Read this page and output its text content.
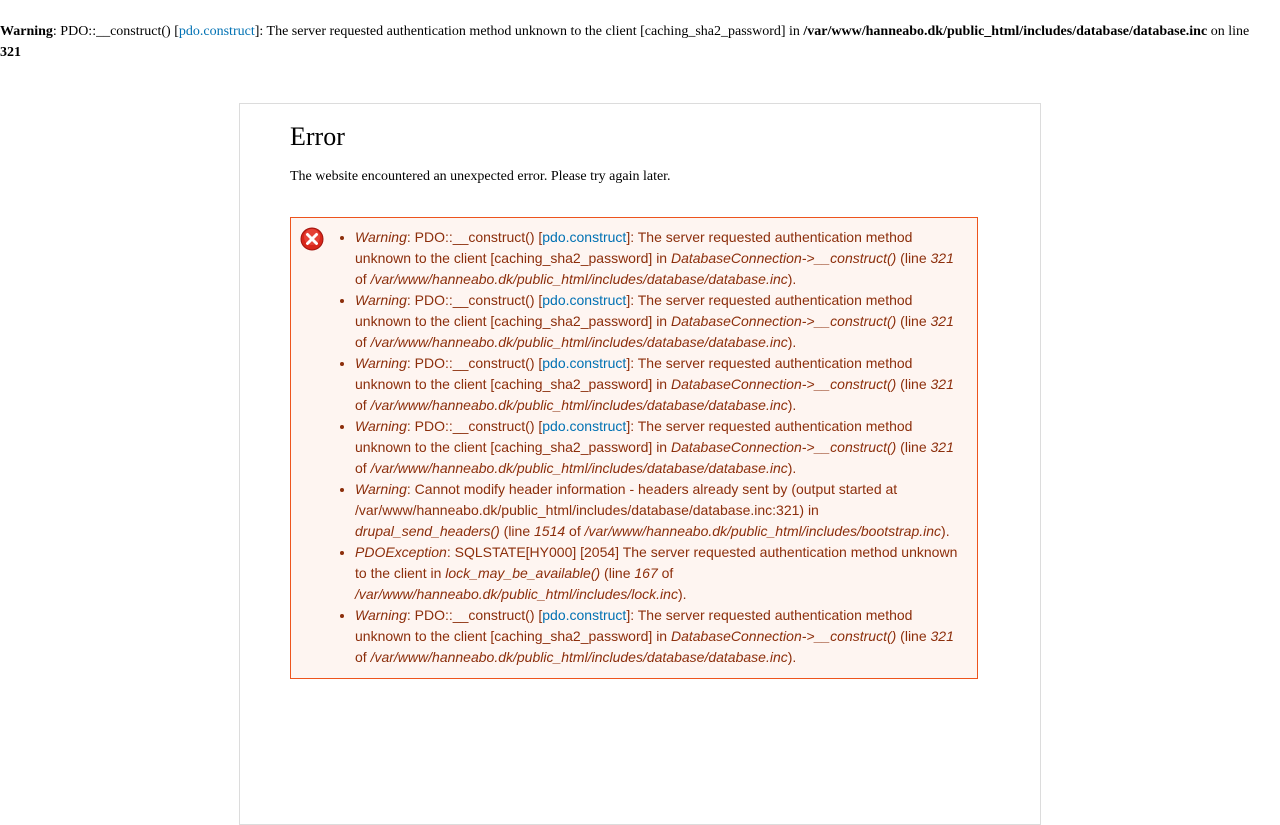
Warning: PDO::__construct() [pdo.construct]: The server requested authentication method unknown to the client [caching_sha2_password] in /var/www/hanneabo.dk/public_html/includes/database/database.inc on line 321
Error

The website encountered an unexpected error. Please try again later.

• Warning: PDO::__construct() [pdo.construct]: The server requested authentication method unknown to the client [caching_sha2_password] in DatabaseConnection->__construct() (line 321 of /var/www/hanneabo.dk/public_html/includes/database/database.inc).
• Warning: PDO::__construct() [pdo.construct]: The server requested authentication method unknown to the client [caching_sha2_password] in DatabaseConnection->__construct() (line 321 of /var/www/hanneabo.dk/public_html/includes/database/database.inc).
• Warning: PDO::__construct() [pdo.construct]: The server requested authentication method unknown to the client [caching_sha2_password] in DatabaseConnection->__construct() (line 321 of /var/www/hanneabo.dk/public_html/includes/database/database.inc).
• Warning: PDO::__construct() [pdo.construct]: The server requested authentication method unknown to the client [caching_sha2_password] in DatabaseConnection->__construct() (line 321 of /var/www/hanneabo.dk/public_html/includes/database/database.inc).
• Warning: Cannot modify header information - headers already sent by (output started at /var/www/hanneabo.dk/public_html/includes/database/database.inc:321) in drupal_send_headers() (line 1514 of /var/www/hanneabo.dk/public_html/includes/bootstrap.inc).
• PDOException: SQLSTATE[HY000] [2054] The server requested authentication method unknown to the client in lock_may_be_available() (line 167 of /var/www/hanneabo.dk/public_html/includes/lock.inc).
• Warning: PDO::__construct() [pdo.construct]: The server requested authentication method unknown to the client [caching_sha2_password] in DatabaseConnection->__construct() (line 321 of /var/www/hanneabo.dk/public_html/includes/database/database.inc).
